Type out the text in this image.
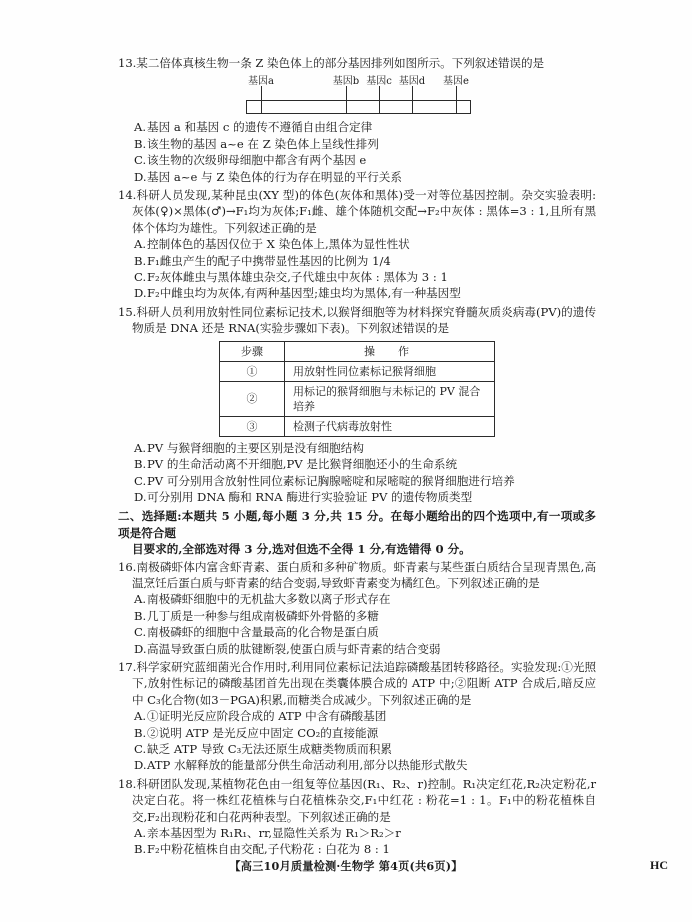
13.某二倍体真核生物一条 Z 染色体上的部分基因排列如图所示。下列叙述错误的是
基因a	基因b 基因c 基因d 基因e
A.基因 a 和基因 c 的遗传不遵循自由组合定律
B.该生物的基因 a~e 在 Z 染色体上呈线性排列
C.该生物的次级卵母细胞中都含有两个基因 e
D.基因 a~e 与 Z 染色体的行为存在明显的平行关系
14.科研人员发现,某种昆虫(XY 型)的体色(灰体和黑体)受一对等位基因控制。杂交实验表明:灰体(♀)×黑体(♂)→F₁均为灰体;F₁雌、雄个体随机交配→F₂中灰体 : 黑体=3 : 1,且所有黑体个体均为雄性。下列叙述正确的是
A.控制体色的基因仅位于 X 染色体上,黑体为显性性状
B.F₁雌虫产生的配子中携带显性基因的比例为 1/4
C.F₂灰体雌虫与黑体雄虫杂交,子代雄虫中灰体 : 黑体为 3 : 1
D.F₂中雌虫均为灰体,有两种基因型;雄虫均为黑体,有一种基因型
15.科研人员利用放射性同位素标记技术,以猴肾细胞等为材料探究脊髓灰质炎病毒(PV)的遗传物质是 DNA 还是 RNA(实验步骤如下表)。下列叙述错误的是
步骤	操　作
①	用放射性同位素标记猴肾细胞
②	用标记的猴肾细胞与未标记的 PV 混合培养
③	检测子代病毒放射性
A.PV 与猴肾细胞的主要区别是没有细胞结构
B.PV 的生命活动离不开细胞,PV 是比猴肾细胞还小的生命系统
C.PV 可分别用含放射性同位素标记胸腺嘧啶和尿嘧啶的猴肾细胞进行培养
D.可分别用 DNA 酶和 RNA 酶进行实验验证 PV 的遗传物质类型
二、选择题:本题共 5 小题,每小题 3 分,共 15 分。在每小题给出的四个选项中,有一项或多项是符合题
目要求的,全部选对得 3 分,选对但选不全得 1 分,有选错得 0 分。
16.南极磷虾体内富含虾青素、蛋白质和多种矿物质。虾青素与某些蛋白质结合呈现青黑色,高温烹饪后蛋白质与虾青素的结合变弱,导致虾青素变为橘红色。下列叙述正确的是
A.南极磷虾细胞中的无机盐大多数以离子形式存在
B.几丁质是一种参与组成南极磷虾外骨骼的多糖
C.南极磷虾的细胞中含量最高的化合物是蛋白质
D.高温导致蛋白质的肽键断裂,使蛋白质与虾青素的结合变弱
17.科学家研究蓝细菌光合作用时,利用同位素标记法追踪磷酸基团转移路径。实验发现:①光照下,放射性标记的磷酸基团首先出现在类囊体膜合成的 ATP 中;②阻断 ATP 合成后,暗反应中 C₃化合物(如3－PGA)积累,而糖类合成减少。下列叙述正确的是
A.①证明光反应阶段合成的 ATP 中含有磷酸基团
B.②说明 ATP 是光反应中固定 CO₂的直接能源
C.缺乏 ATP 导致 C₃无法还原生成糖类物质而积累
D.ATP 水解释放的能量部分供生命活动利用,部分以热能形式散失
18.科研团队发现,某植物花色由一组复等位基因(R₁、R₂、r)控制。R₁决定红花,R₂决定粉花,r 决定白花。将一株红花植株与白花植株杂交,F₁中红花 : 粉花=1 : 1。F₁中的粉花植株自交,F₂出现粉花和白花两种表型。下列叙述正确的是
A.亲本基因型为 R₁R₁、rr,显隐性关系为 R₁＞R₂＞r
B.F₂中粉花植株自由交配,子代粉花 : 白花为 8 : 1
【高三10月质量检测·生物学 第4页(共6页)】	HC
